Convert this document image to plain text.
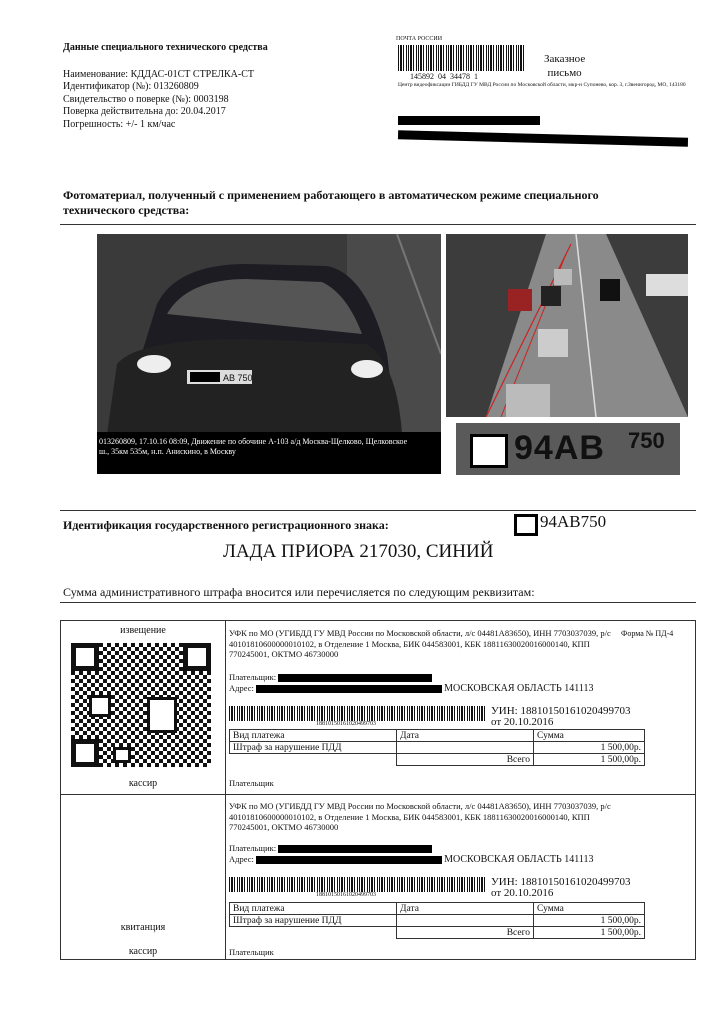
Данные специального технического средства
Наименование: КДДАС-01СТ СТРЕЛКА-СТ
Идентификатор (№): 013260809
Свидетельство о поверке (№): 0003198
Поверка действительна до: 20.04.2017
Погрешность: +/- 1 км/час
ПОЧТА РОССИИ
145892  04  34478  1
Заказное
письмо
Центр видеофиксации ГИБДД ГУ МВД России по Московской области, мкр-н Супонево, кор. 3, г.Звенигород, МО, 143180
Фотоматериал, полученный с применением работающего в автоматическом режиме специального технического средства:
AB 750
013260809, 17.10.16 08:09, Движение по обочине А-103 а/д Москва-Щелково, Щелковское ш., 35км 535м, н.п. Анискино, в Москву	94AB 750
Идентификация государственного регистрационного знака:	94AB750
ЛАДА ПРИОРА 217030, СИНИЙ
Сумма административного штрафа вносится или перечисляется по следующим реквизитам:
извещение
кассир
Форма № ПД-4
УФК по МО (УГИБДД ГУ МВД России по Московской области, л/с 04481А83650), ИНН 7703037039, р/с 40101810600000010102, в Отделение 1 Москва, БИК 044583001, КБК 18811630020016000140, КПП 770245001, ОКТМО 46730000
Плательщик:
Адрес:	МОСКОВСКАЯ ОБЛАСТЬ 141113
18810150161020499703
УИН: 18810150161020499703
от 20.10.2016
Вид платежа	Дата	Сумма
Штраф за нарушение ПДД		1 500,00р.
	Всего	1 500,00р.
Плательщик
УФК по МО (УГИБДД ГУ МВД России по Московской области, л/с 04481А83650), ИНН 7703037039, р/с 40101810600000010102, в Отделение 1 Москва, БИК 044583001, КБК 18811630020016000140, КПП 770245001, ОКТМО 46730000
Плательщик:
Адрес:	МОСКОВСКАЯ ОБЛАСТЬ 141113
18810150161020499703
УИН: 18810150161020499703
от 20.10.2016
Вид платежа	Дата	Сумма
Штраф за нарушение ПДД		1 500,00р.
	Всего	1 500,00р.
квитанция
кассир	Плательщик
